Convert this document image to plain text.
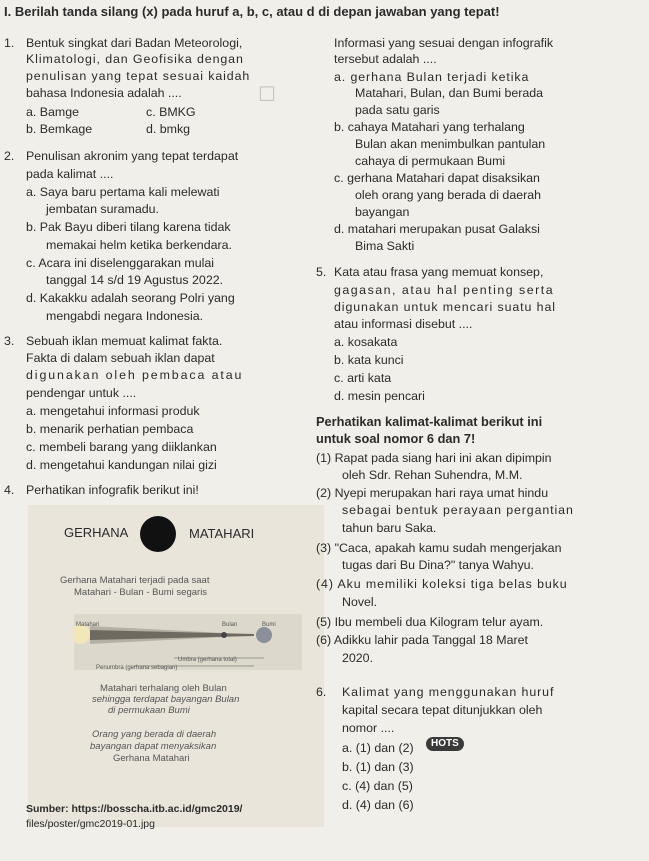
I. Berilah tanda silang (x) pada huruf a, b, c, atau d di depan jawaban yang tepat!
☐
1. Bentuk singkat dari Badan Meteorologi,
Klimatologi, dan Geofisika dengan
penulisan yang tepat sesuai kaidah
bahasa Indonesia adalah ....
a. Bamge	c. BMKG
b. Bemkage	d. bmkg
2. Penulisan akronim yang tepat terdapat
pada kalimat ....
a. Saya baru pertama kali melewati
jembatan suramadu.
b. Pak Bayu diberi tilang karena tidak
memakai helm ketika berkendara.
c. Acara ini diselenggarakan mulai
tanggal 14 s/d 19 Agustus 2022.
d. Kakakku adalah seorang Polri yang
mengabdi negara Indonesia.
3. Sebuah iklan memuat kalimat fakta.
Fakta di dalam sebuah iklan dapat
digunakan oleh pembaca atau
pendengar untuk ....
a. mengetahui informasi produk
b. menarik perhatian pembaca
c. membeli barang yang diiklankan
d. mengetahui kandungan nilai gizi
4. Perhatikan infografik berikut ini!
GERHANA	MATAHARI
Gerhana Matahari terjadi pada saat
Matahari - Bulan - Bumi segaris
Matahari	Bulan	Bumi
Umbra (gerhana total)
Penumbra (gerhana sebagian)
Matahari terhalang oleh Bulan
sehingga terdapat bayangan Bulan
di permukaan Bumi
Orang yang berada di daerah
bayangan dapat menyaksikan
Gerhana Matahari
Sumber: https://bosscha.itb.ac.id/gmc2019/
files/poster/gmc2019-01.jpg
Informasi yang sesuai dengan infografik
tersebut adalah ....
a. gerhana Bulan terjadi ketika
Matahari, Bulan, dan Bumi berada
pada satu garis
b. cahaya Matahari yang terhalang
Bulan akan menimbulkan pantulan
cahaya di permukaan Bumi
c. gerhana Matahari dapat disaksikan
oleh orang yang berada di daerah
bayangan
d. matahari merupakan pusat Galaksi
Bima Sakti
5. Kata atau frasa yang memuat konsep,
gagasan, atau hal penting serta
digunakan untuk mencari suatu hal
atau informasi disebut ....
a. kosakata
b. kata kunci
c. arti kata
d. mesin pencari
Perhatikan kalimat-kalimat berikut ini
untuk soal nomor 6 dan 7!
(1) Rapat pada siang hari ini akan dipimpin
oleh Sdr. Rehan Suhendra, M.M.
(2) Nyepi merupakan hari raya umat hindu
sebagai bentuk perayaan pergantian
tahun baru Saka.
(3) "Caca, apakah kamu sudah mengerjakan
tugas dari Bu Dina?" tanya Wahyu.
(4) Aku memiliki koleksi tiga belas buku
Novel.
(5) Ibu membeli dua Kilogram telur ayam.
(6) Adikku lahir pada Tanggal 18 Maret
2020.
6. Kalimat yang menggunakan huruf
kapital secara tepat ditunjukkan oleh
nomor ....
HOTS
a. (1) dan (2)
b. (1) dan (3)
c. (4) dan (5)
d. (4) dan (6)
